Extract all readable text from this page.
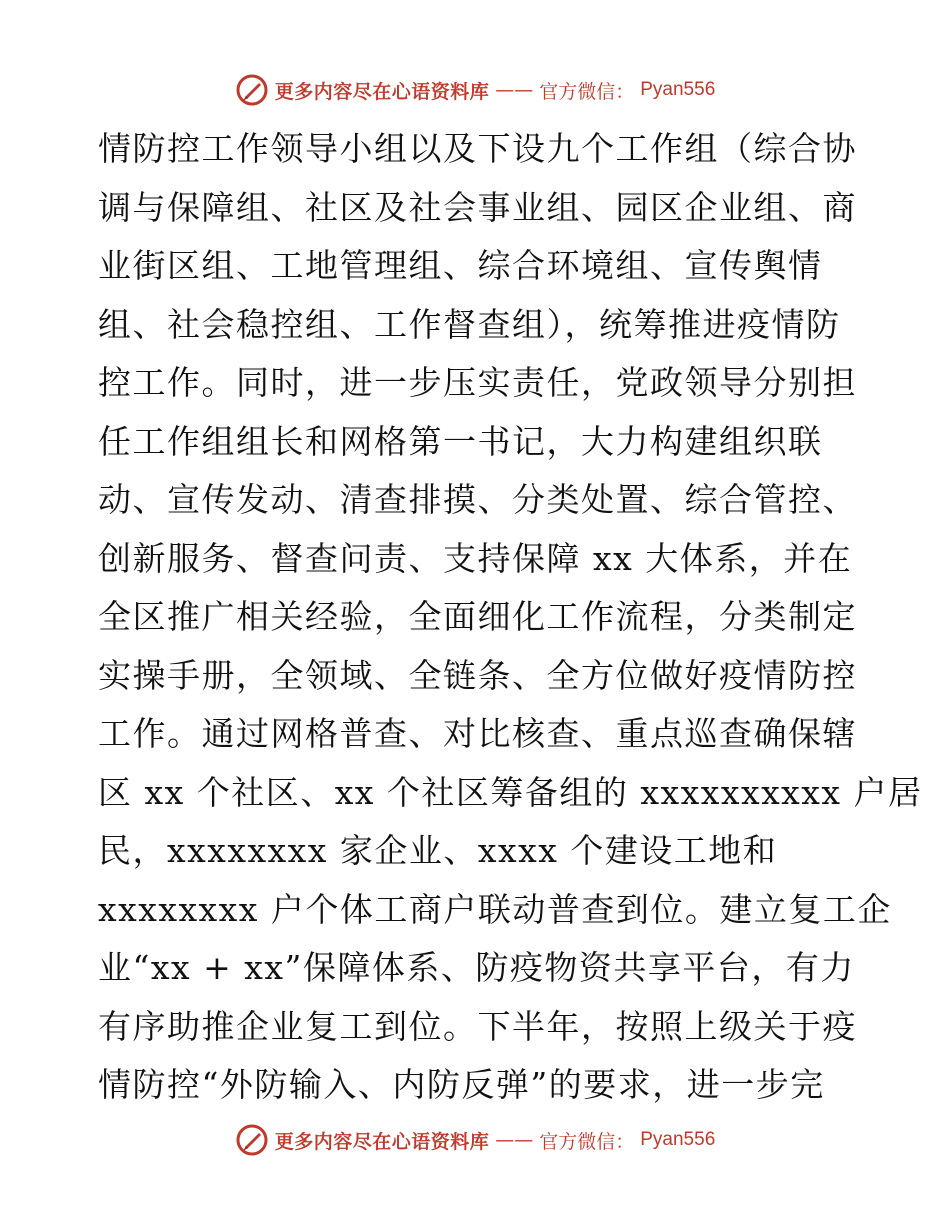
更多内容尽在心语资料库 —— 官方微信： Pyan556
情防控工作领导小组以及下设九个工作组（综合协
调与保障组、社区及社会事业组、园区企业组、商
业街区组、工地管理组、综合环境组、宣传舆情
组、社会稳控组、工作督查组），统筹推进疫情防
控工作。同时，进一步压实责任，党政领导分别担
任工作组组长和网格第一书记，大力构建组织联
动、宣传发动、清查排摸、分类处置、综合管控、
创新服务、督查问责、支持保障 xx 大体系，并在
全区推广相关经验，全面细化工作流程，分类制定
实操手册，全领域、全链条、全方位做好疫情防控
工作。通过网格普查、对比核查、重点巡查确保辖
区 xx 个社区、xx 个社区筹备组的 xxxxxxxxxx 户居
民，xxxxxxxx 家企业、xxxx 个建设工地和
xxxxxxxx 户个体工商户联动普查到位。建立复工企
业“xx + xx”保障体系、防疫物资共享平台，有力
有序助推企业复工到位。下半年，按照上级关于疫
情防控“外防输入、内防反弹”的要求，进一步完
更多内容尽在心语资料库 —— 官方微信： Pyan556
